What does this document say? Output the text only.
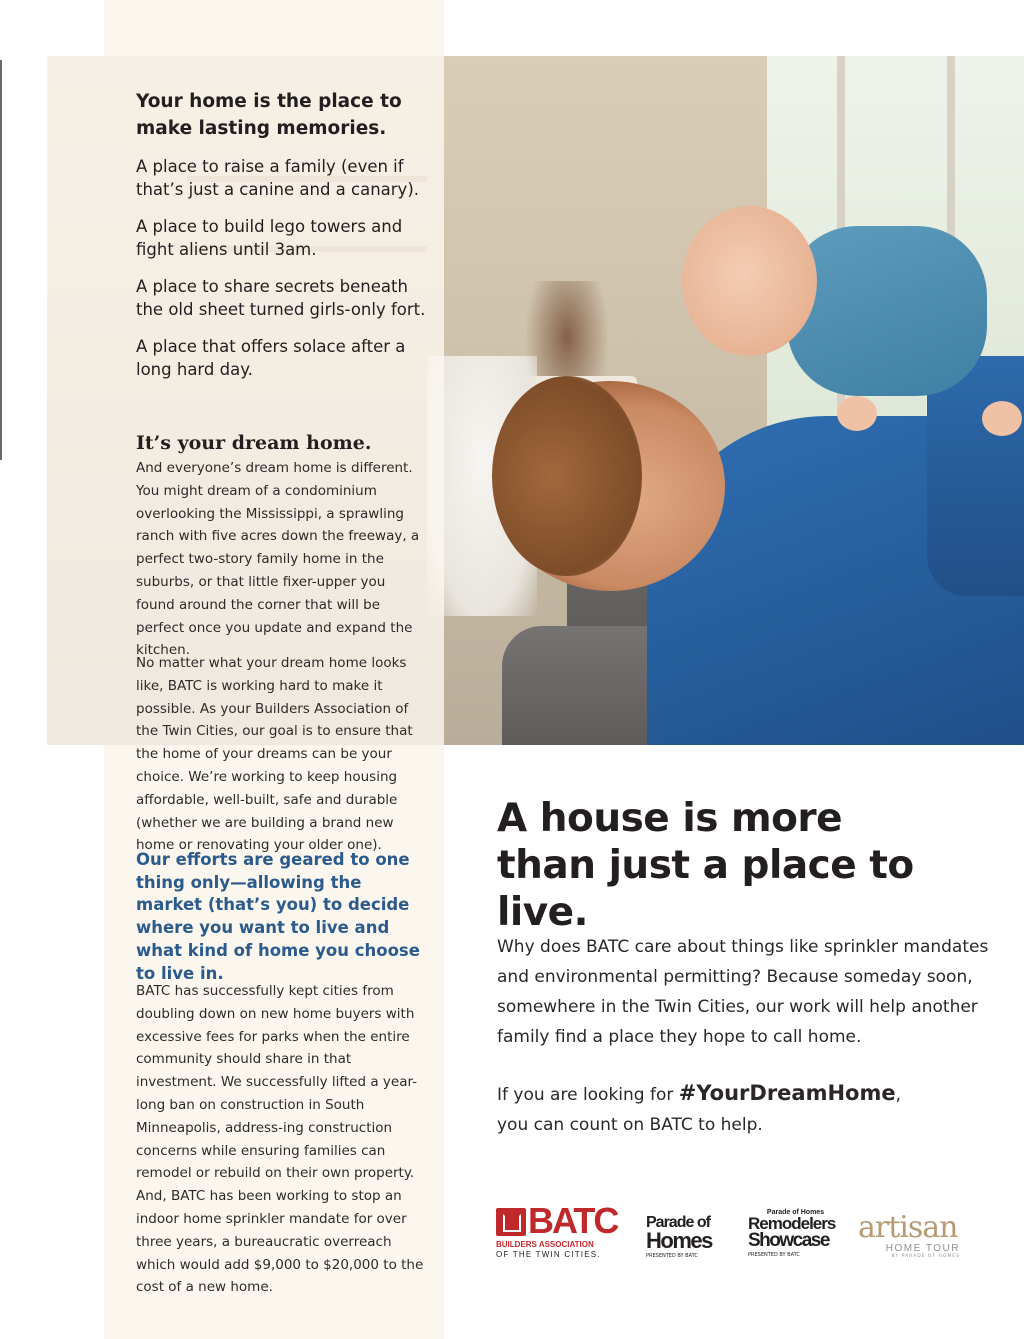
Your home is the place to make lasting memories.
A place to raise a family (even if that’s just a canine and a canary).
A place to build lego towers and fight aliens until 3am.
A place to share secrets beneath the old sheet turned girls-only fort.
A place that offers solace after a long hard day.
It’s your dream home.
And everyone’s dream home is different. You might dream of a condominium overlooking the Mississippi, a sprawling ranch with five acres down the freeway, a perfect two-story family home in the suburbs, or that little fixer-upper you found around the corner that will be perfect once you update and expand the kitchen.
No matter what your dream home looks like, BATC is working hard to make it possible. As your Builders Association of the Twin Cities, our goal is to ensure that the home of your dreams can be your choice. We’re working to keep housing affordable, well-built, safe and durable (whether we are building a brand new home or renovating your older one).
Our efforts are geared to one thing only—allowing the market (that’s you) to decide where you want to live and what kind of home you choose to live in.
BATC has successfully kept cities from doubling down on new home buyers with excessive fees for parks when the entire community should share in that investment. We successfully lifted a year-long ban on construction in South Minneapolis, address-ing construction concerns while ensuring families can remodel or rebuild on their own property. And, BATC has been working to stop an indoor home sprinkler mandate for over three years, a bureaucratic overreach which would add $9,000 to $20,000 to the cost of a new home.
A house is more
than just a place to live.
Why does BATC care about things like sprinkler mandates and environmental permitting? Because someday soon, somewhere in the Twin Cities, our work will help another family find a place they hope to call home.
If you are looking for #YourDreamHome,
you can count on BATC to help.
BATC
BUILDERS ASSOCIATION
OF THE TWIN CITIES.
Parade of
Homes
PRESENTED BY BATC
Parade of Homes
Remodelers
Showcase
PRESENTED BY BATC
artisan
HOME TOUR
BY PARADE OF HOMES
